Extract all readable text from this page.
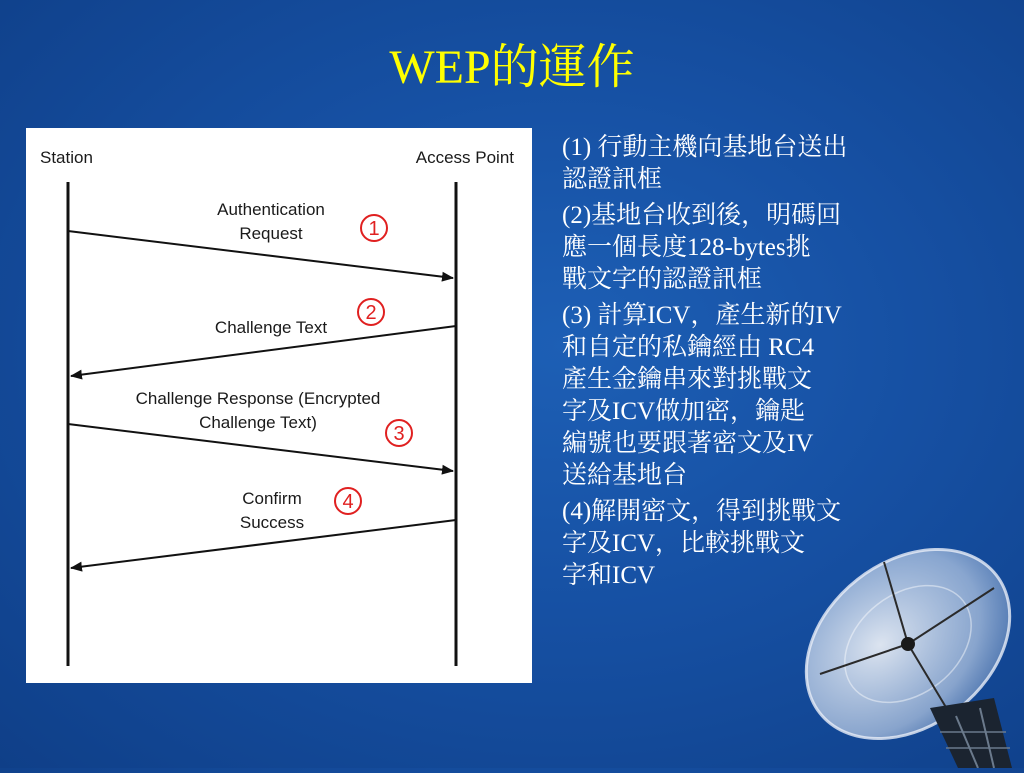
WEP的運作
Station	Access Point
Authentication
Request	1
Challenge Text
2
Challenge Response (Encrypted
Challenge Text)
3
Confirm
Success
4
(1) 行動主機向基地台送出
認證訊框
(2)基地台收到後，明碼回
應一個長度128-bytes挑
戰文字的認證訊框
(3) 計算ICV，產生新的IV
和自定的私鑰經由 RC4
產生金鑰串來對挑戰文
字及ICV做加密，鑰匙
編號也要跟著密文及IV
送給基地台
(4)解開密文，得到挑戰文
字及ICV，比較挑戰文
字和ICV
